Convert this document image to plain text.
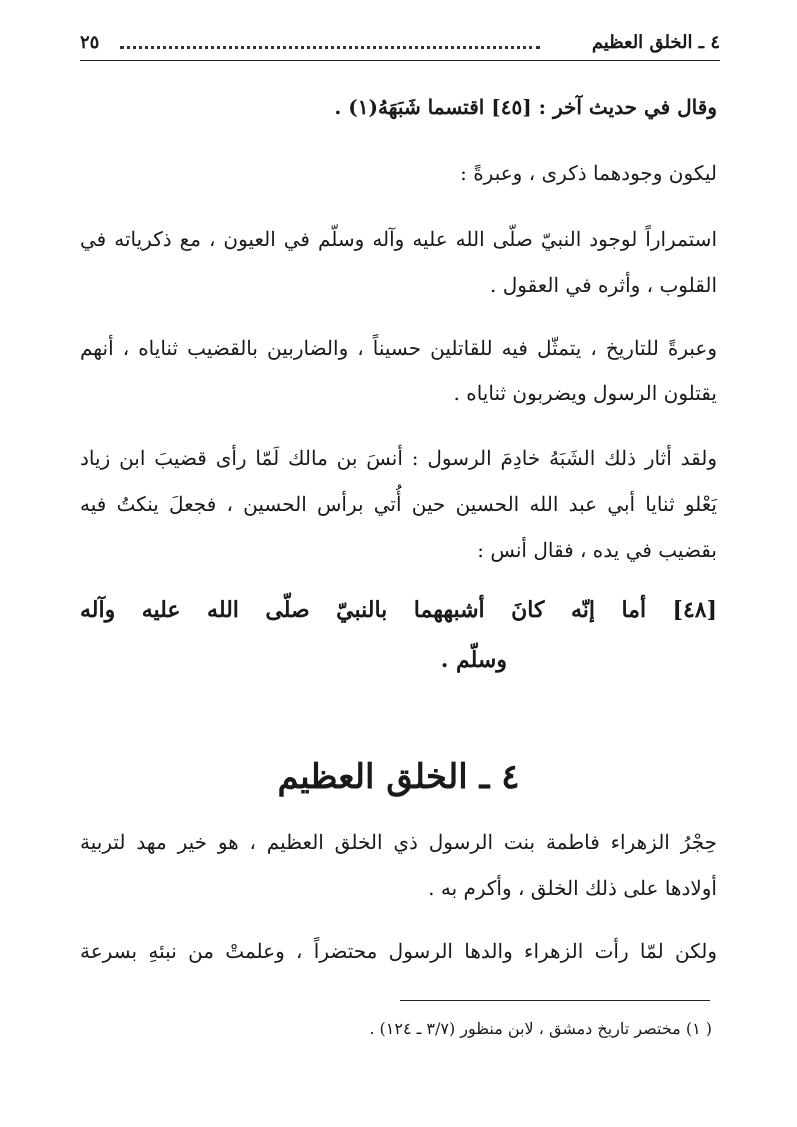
٤ ـ الخلق العظيم
٢٥
وقال في حديث آخر : [٤٥] اقتسما شَبَهَهُ(١) .
ليكون وجودهما ذكرى ، وعبرةً :
استمراراً لوجود النبيّ صلّى الله عليه وآله وسلّم في العيون ، مع ذكرياته في
القلوب ، وأثره في العقول .
وعبرةً للتاريخ ، يتمثّل فيه للقاتلين حسيناً ، والضاربين بالقضيب ثناياه ، أنهم
يقتلون الرسول ويضربون ثناياه .
ولقد أثار ذلك الشَبَهُ خادِمَ الرسول : أنسَ بن مالك لَمّا رأى قضيبَ ابن زياد
يَعْلو ثنايا أبي عبد الله الحسين حين أُتي برأس الحسين ، فجعلَ ينكتُ فيه
بقضيب في يده ، فقال أنس :
[٤٨] أما إنّه كانَ أشبههما بالنبيّ صلّى الله عليه وآله
وسلّم .
٤ ـ الخلق العظيم
حِجْرُ الزهراء فاطمة بنت الرسول ذي الخلق العظيم ، هو خير مهد لتربية
أولادها على ذلك الخلق ، وأكرم به .
ولكن لمّا رأت الزهراء والدها الرسول محتضراً ، وعلمتْ من نبئهِ بسرعة
( ١) مختصر تاريخ دمشق ، لابن منظور (٣/٧ ـ ١٢٤) .
